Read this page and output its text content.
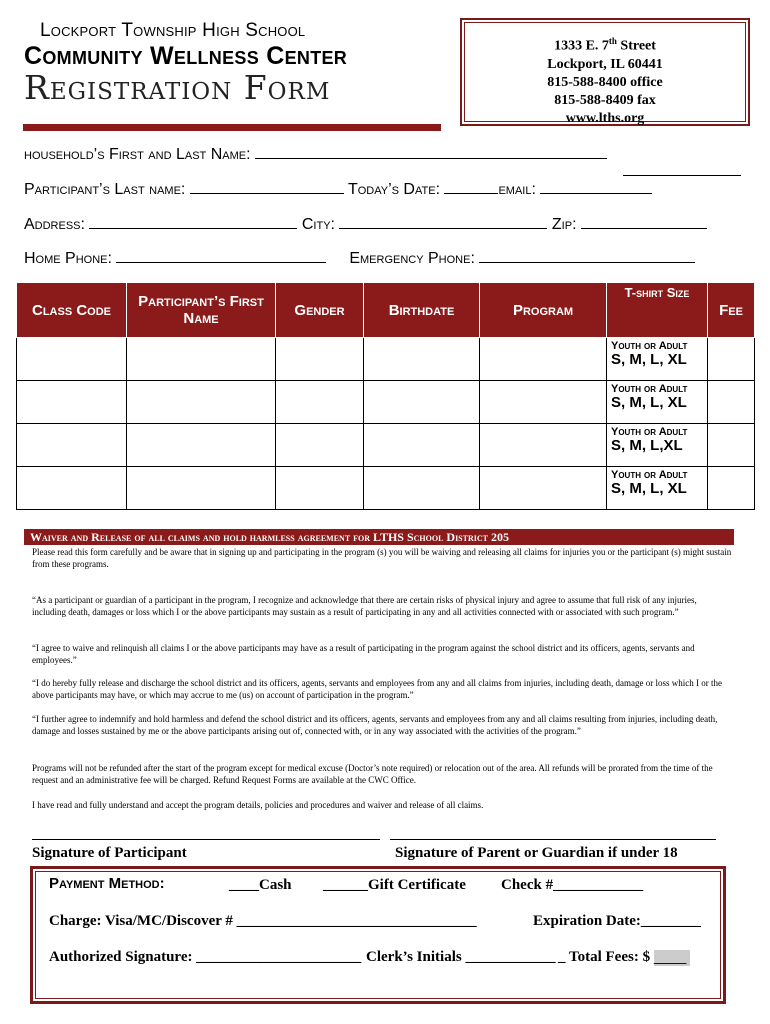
Lockport Township High School
Community Wellness Center
Registration Form
1333 E. 7th Street
Lockport, IL 60441
815-588-8400 office
815-588-8409 fax
www.lths.org
household’s First and Last Name:
Participant’s Last name:	Today’s Date:	email:
Address:	City:	Zip:
Home Phone:	Emergency Phone:
Class Code	Participant’s First Name	Gender	Birthdate	Program	T-shirt Size	Fee

					Youth or Adult
S, M, L, XL	

					Youth or Adult
S, M, L, XL	

					Youth or Adult
S, M, L,XL	

					Youth or Adult
S, M, L, XL	

Waiver and Release of all claims and hold harmless agreement for LTHS School District 205
Please read this form carefully and be aware that in signing up and participating in the program (s) you will be waiving and releasing all claims for injuries you or the participant (s) might sustain from these programs.
“As a participant or guardian of a participant in the program, I recognize and acknowledge that there are certain risks of physical injury and agree to assume that full risk of any injuries, including death, damages or loss which I or the above participants may sustain as a result of participating in any and all activities connected with or associated with such program.”
“I agree to waive and relinquish all claims I or the above participants may have as a result of participating in the program against the school district and its officers, agents, servants and employees.”
“I do hereby fully release and discharge the school district and its officers, agents, servants and employees from any and all claims from injuries, including death, damage or loss which I or the above participants may have, or which may accrue to me (us) on account of participation in the program.”
“I further agree to indemnify and hold harmless and defend the school district and its officers, agents, servants and employees from any and all claims resulting from injuries, including death, damage and losses sustained by me or the above participants arising out of, connected with, or in any way associated with the activities of the program.”
Programs will not be refunded after the start of the program except for medical excuse (Doctor’s note required) or relocation out of the area. All refunds will be prorated from the time of the request and an administrative fee will be charged. Refund Request Forms are available at the CWC Office.
I have read and fully understand and accept the program details, policies and procedures and waiver and release of all claims.
Signature of Participant	Signature of Parent or Guardian if under 18
Payment Method:	____Cash ______Gift Certificate Check #____________
Charge: Visa/MC/Discover # ________________________________	Expiration Date:________
Authorized Signature: ______________________ Clerk’s Initials ____________ _ Total Fees: $ _____
